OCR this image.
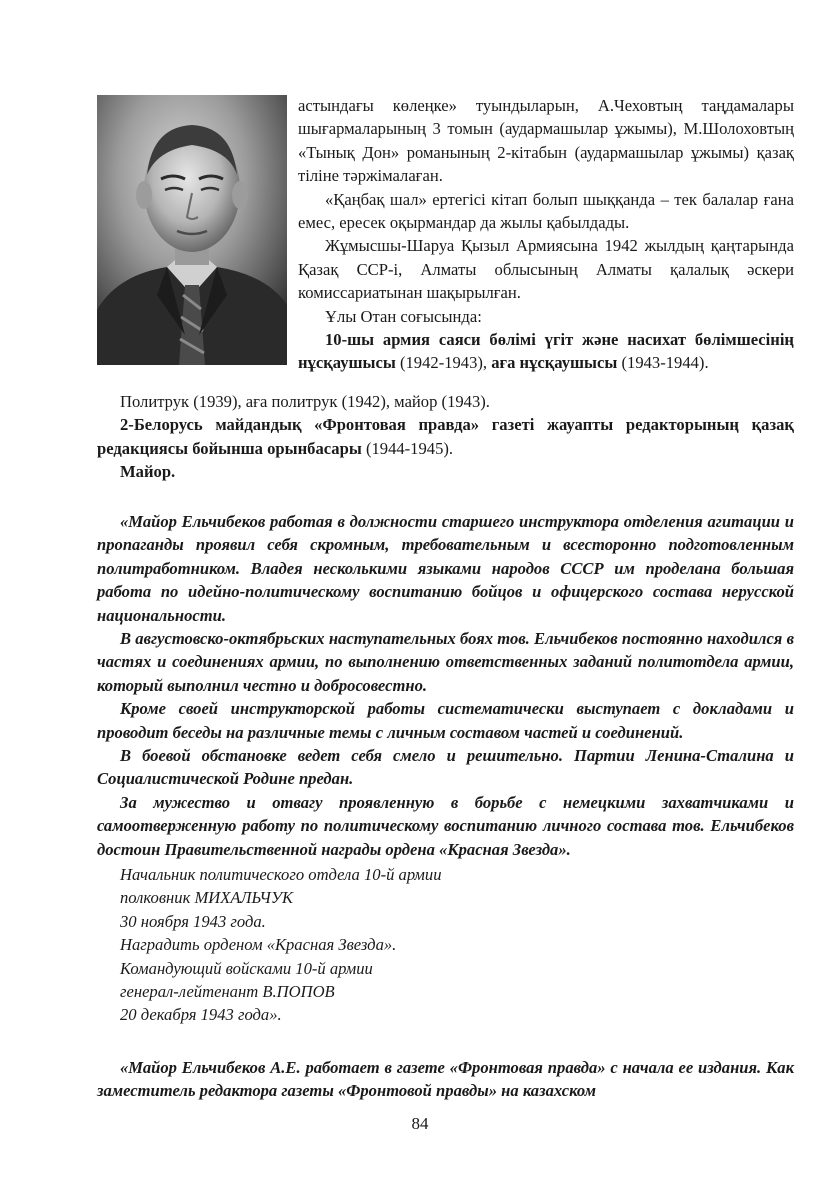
астындағы көлеңке» туындыларын, А.Чеховтың таңдамалары шығармаларының 3 томын (аудармашылар ұжымы), М.Шолоховтың «Тынық Дон» романының 2-кітабын (аудармашылар ұжымы) қазақ тіліне тәржімалаған.

«Қаңбақ шал» ертегісі кітап болып шыққанда – тек балалар ғана емес, ересек оқырмандар да жылы қабылдады.

Жұмысшы-Шаруа Қызыл Армиясына 1942 жылдың қаңтарында Қазақ ССР-і, Алматы облысының Алматы қалалық әскери комиссариатынан шақырылған.

Ұлы Отан соғысында:

10-шы армия саяси бөлімі үгіт және насихат бөлімшесінің нұсқаушысы (1942-1943), аға нұсқаушысы (1943-1944).

Политрук (1939), аға политрук (1942), майор (1943).

2-Белорусь майдандық «Фронтовая правда» газеті жауапты редакторының қазақ редакциясы бойынша орынбасары (1944-1945).

Майор.

«Майор Ельчибеков работая в должности старшего инструктора отделения агитации и пропаганды проявил себя скромным, требовательным и всесторонно подготовленным политработником. Владея несколькими языками народов СССР им проделана большая работа по идейно-политическому воспитанию бойцов и офицерского состава нерусской национальности.

В августовско-октябрьских наступательных боях тов. Ельчибеков постоянно находился в частях и соединениях армии, по выполнению ответственных заданий политотдела армии, который выполнил честно и добросовестно.

Кроме своей инструкторской работы систематически выступает с докладами и проводит беседы на различные темы с личным составом частей и соединений.

В боевой обстановке ведет себя смело и решительно. Партии Ленина-Сталина и Социалистической Родине предан.

За мужество и отвагу проявленную в борьбе с немецкими захватчиками и самоотверженную работу по политическому воспитанию личного состава тов. Ельчибеков достоин Правительственной награды ордена «Красная Звезда».

Начальник политического отдела 10-й армии
полковник МИХАЛЬЧУК
30 ноября 1943 года.
Наградить орденом «Красная Звезда».
Командующий войсками 10-й армии
генерал-лейтенант В.ПОПОВ
20 декабря 1943 года».

«Майор Ельчибеков А.Е. работает в газете «Фронтовая правда» с начала ее издания. Как заместитель редактора газеты «Фронтовой правды» на казахском

84
